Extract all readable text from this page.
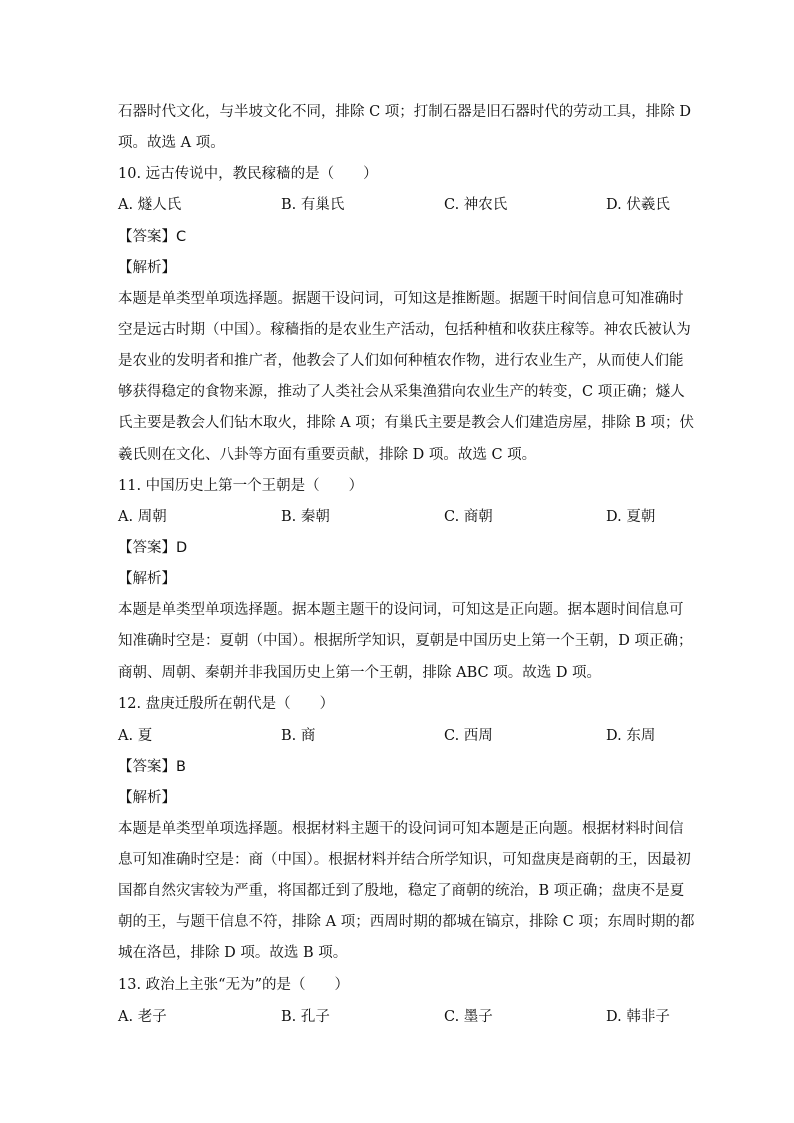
石器时代文化，与半坡文化不同，排除 C 项；打制石器是旧石器时代的劳动工具，排除 D
项。故选 A 项。
10. 远古传说中，教民稼穑的是（　　）
A. 燧人氏	B. 有巢氏	C. 神农氏	D. 伏羲氏
【答案】C
【解析】
本题是单类型单项选择题。据题干设问词，可知这是推断题。据题干时间信息可知准确时
空是远古时期（中国）。稼穑指的是农业生产活动，包括种植和收获庄稼等。神农氏被认为
是农业的发明者和推广者，他教会了人们如何种植农作物，进行农业生产，从而使人们能
够获得稳定的食物来源，推动了人类社会从采集渔猎向农业生产的转变，C 项正确；燧人
氏主要是教会人们钻木取火，排除 A 项；有巢氏主要是教会人们建造房屋，排除 B 项；伏
羲氏则在文化、八卦等方面有重要贡献，排除 D 项。故选 C 项。
11. 中国历史上第一个王朝是（　　）
A. 周朝	B. 秦朝	C. 商朝	D. 夏朝
【答案】D
【解析】
本题是单类型单项选择题。据本题主题干的设问词，可知这是正向题。据本题时间信息可
知准确时空是：夏朝（中国）。根据所学知识，夏朝是中国历史上第一个王朝，D 项正确；
商朝、周朝、秦朝并非我国历史上第一个王朝，排除 ABC 项。故选 D 项。
12. 盘庚迁殷所在朝代是（　　）
A. 夏	B. 商	C. 西周	D. 东周
【答案】B
【解析】
本题是单类型单项选择题。根据材料主题干的设问词可知本题是正向题。根据材料时间信
息可知准确时空是：商（中国）。根据材料并结合所学知识，可知盘庚是商朝的王，因最初
国都自然灾害较为严重，将国都迁到了殷地，稳定了商朝的统治，B 项正确；盘庚不是夏
朝的王，与题干信息不符，排除 A 项；西周时期的都城在镐京，排除 C 项；东周时期的都
城在洛邑，排除 D 项。故选 B 项。
13. 政治上主张“无为”的是（　　）
A. 老子	B. 孔子	C. 墨子	D. 韩非子
